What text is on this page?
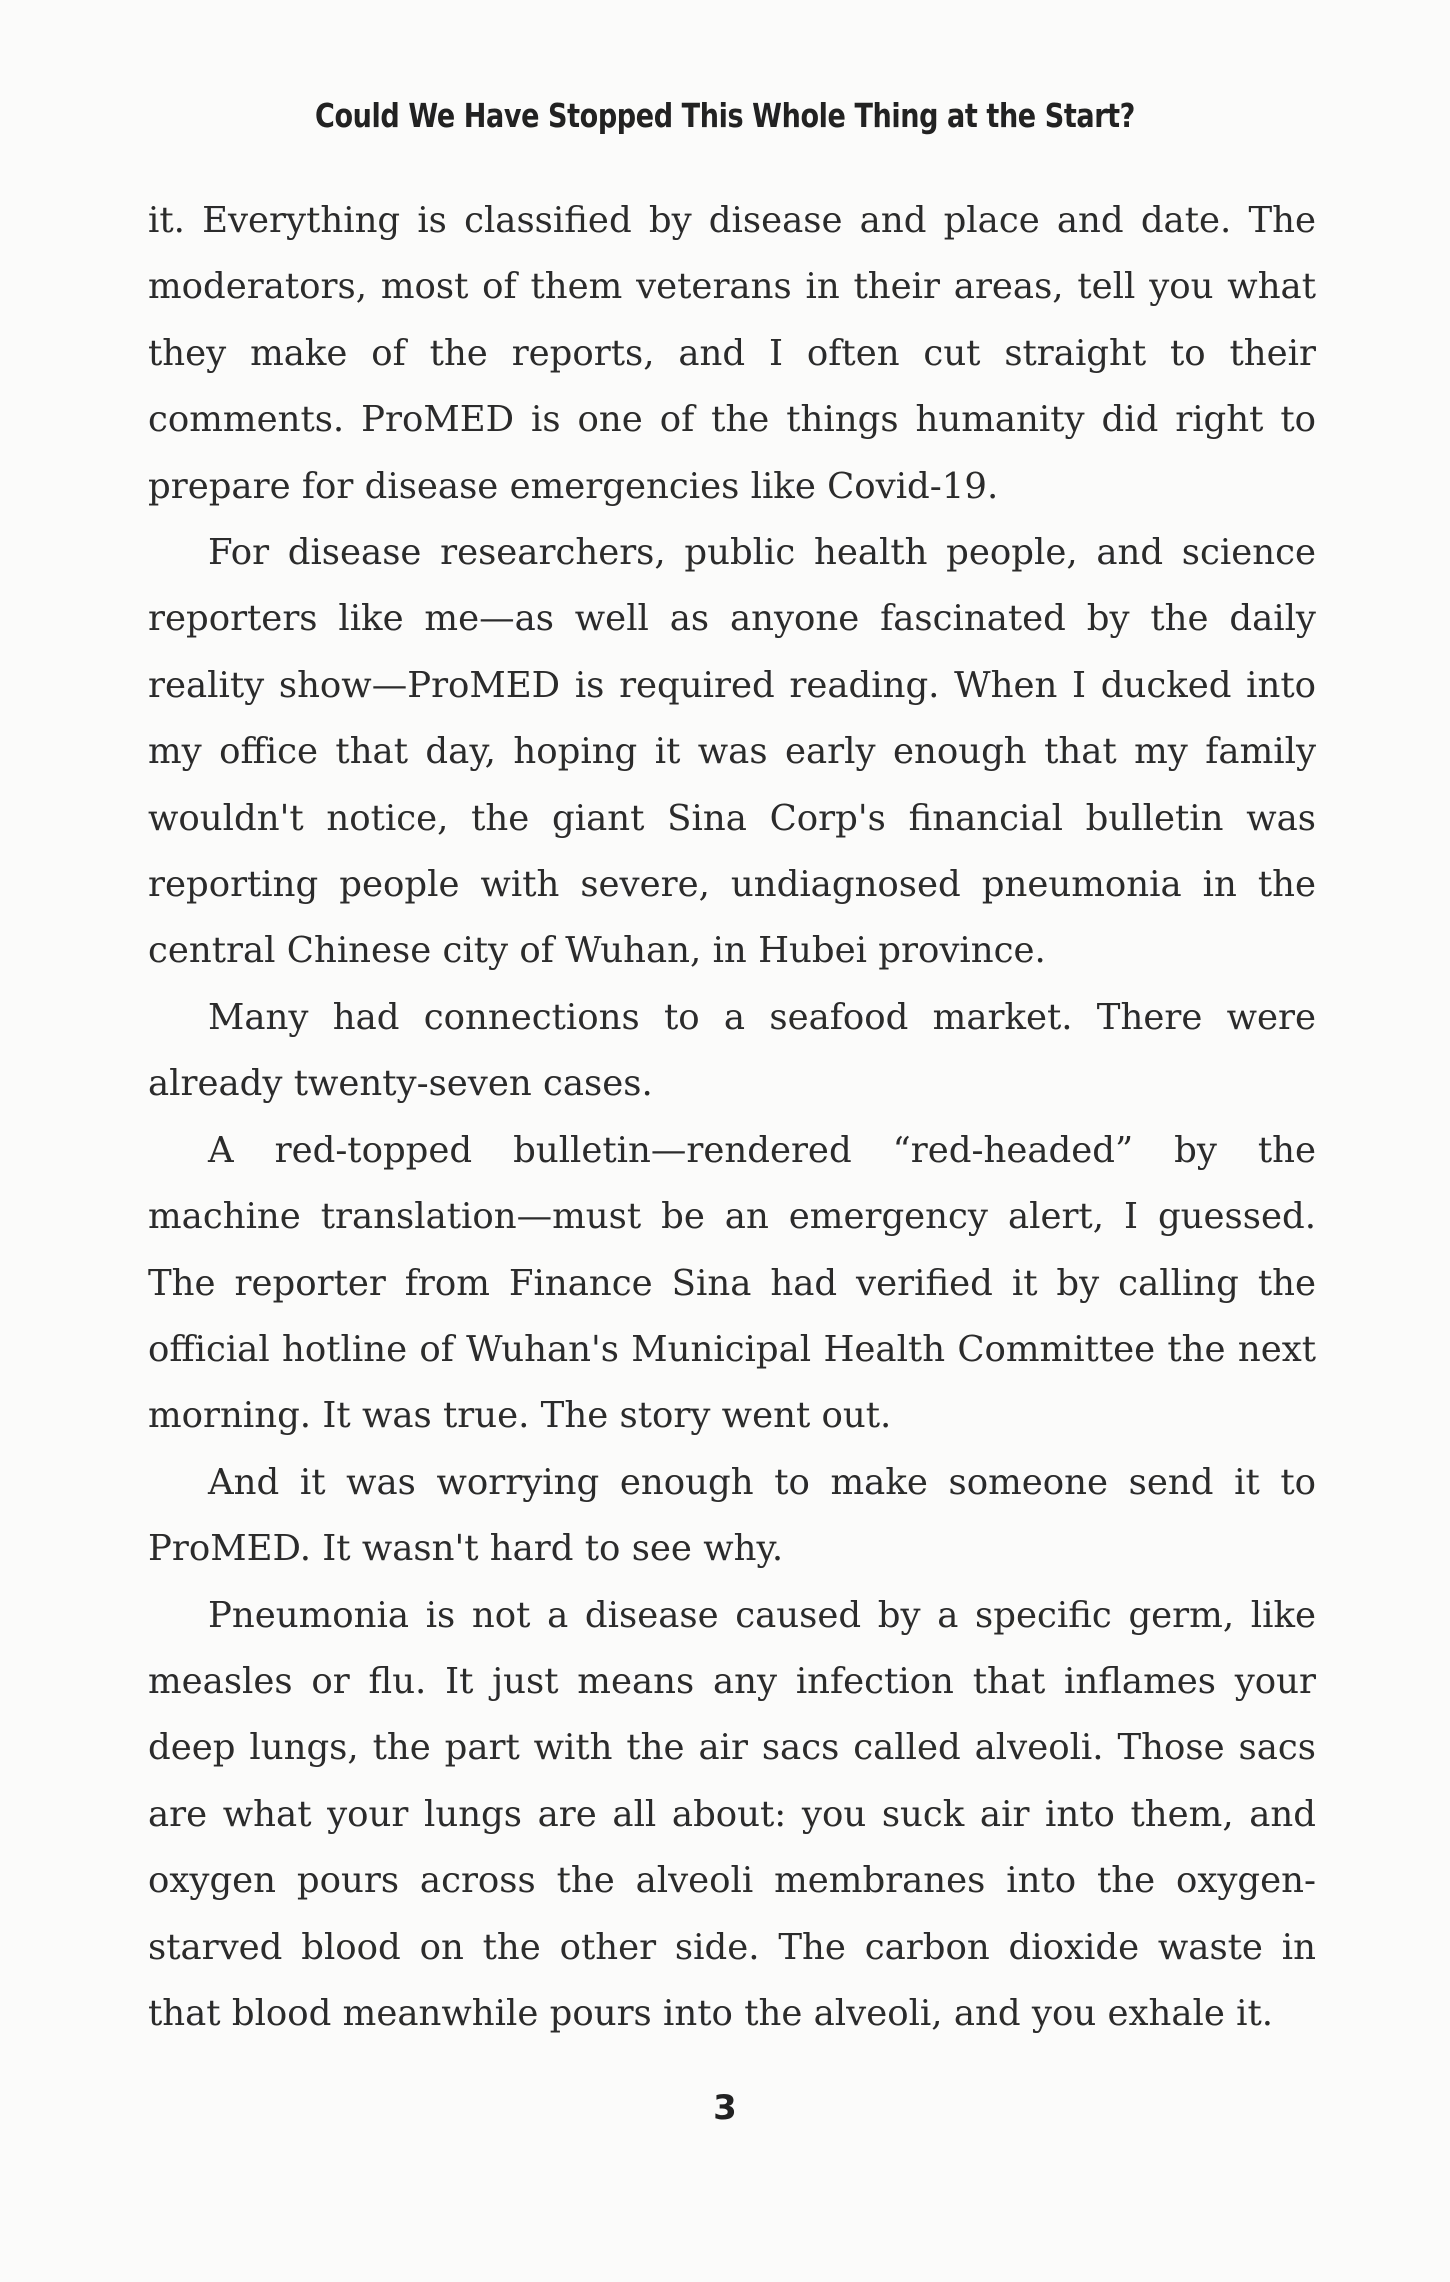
Could We Have Stopped This Whole Thing at the Start?

it. Everything is classified by disease and place and date. The moderators, most of them veterans in their areas, tell you what they make of the reports, and I often cut straight to their comments. ProMED is one of the things humanity did right to prepare for disease emergencies like Covid-19.

For disease researchers, public health people, and science reporters like me—as well as anyone fascinated by the daily reality show—ProMED is required reading. When I ducked into my office that day, hoping it was early enough that my family wouldn't notice, the giant Sina Corp's financial bulletin was reporting people with severe, undiagnosed pneumonia in the central Chinese city of Wuhan, in Hubei province.

Many had connections to a seafood market. There were already twenty-seven cases.

A red-topped bulletin—rendered “red-headed” by the machine translation—must be an emergency alert, I guessed. The reporter from Finance Sina had verified it by calling the official hotline of Wuhan's Municipal Health Committee the next morning. It was true. The story went out.

And it was worrying enough to make someone send it to ProMED. It wasn't hard to see why.

Pneumonia is not a disease caused by a specific germ, like measles or flu. It just means any infection that inflames your deep lungs, the part with the air sacs called alveoli. Those sacs are what your lungs are all about: you suck air into them, and oxygen pours across the alveoli membranes into the oxygen-starved blood on the other side. The carbon dioxide waste in that blood meanwhile pours into the alveoli, and you exhale it.

3
